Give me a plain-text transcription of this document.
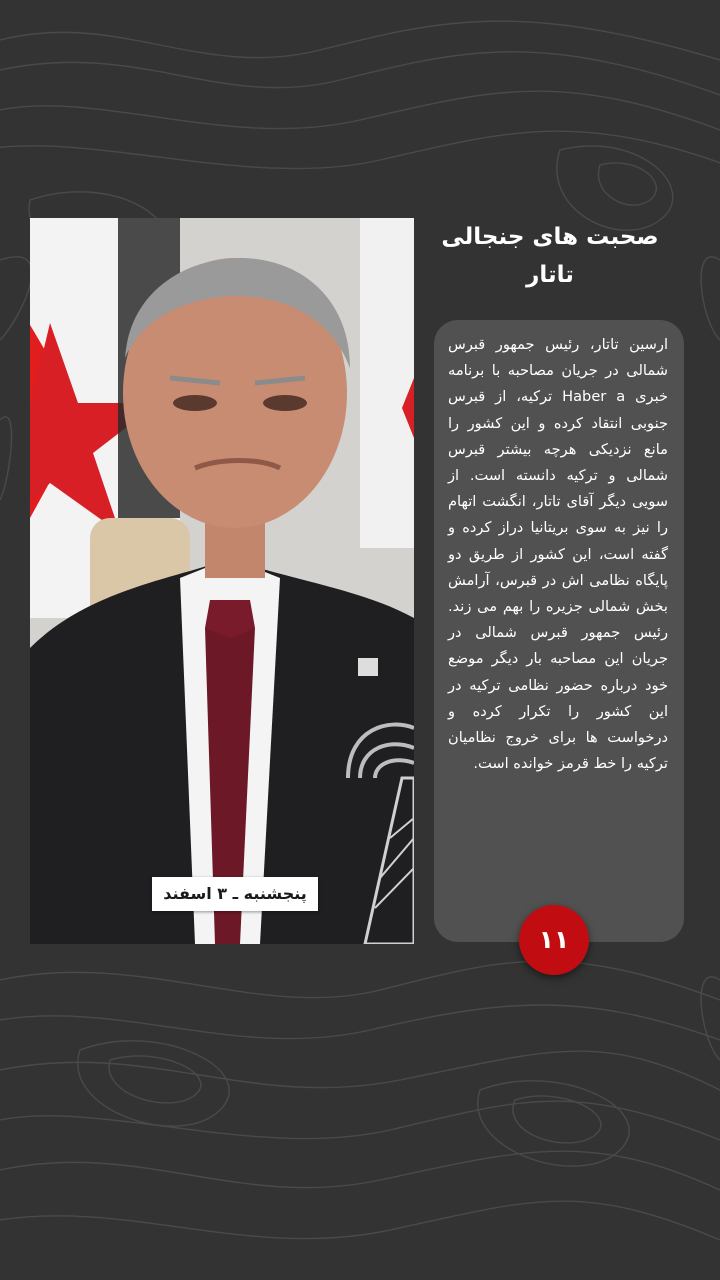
پنجشنبه ـ ۳ اسفند
صحبت های جنجالی تاتار

ارسین تاتار، رئیس جمهور قبرس شمالی در جریان مصاحبه با برنامه خبری Haber a ترکیه، از قبرس جنوبی انتقاد کرده و این کشور را مانع نزدیکی هرچه بیشتر قبرس شمالی و ترکیه دانسته است. از سویی دیگر آقای تاتار، انگشت اتهام را نیز به سوی بریتانیا دراز کرده و گفته است، این کشور از طریق دو پایگاه نظامی اش در قبرس، آرامش بخش شمالی جزیره را بهم می زند. رئیس جمهور قبرس شمالی در جریان این مصاحبه بار دیگر موضع خود درباره حضور نظامی ترکیه در این کشور را تکرار کرده و درخواست ها برای خروج نظامیان ترکیه را خط قرمز خوانده است.

۱۱
